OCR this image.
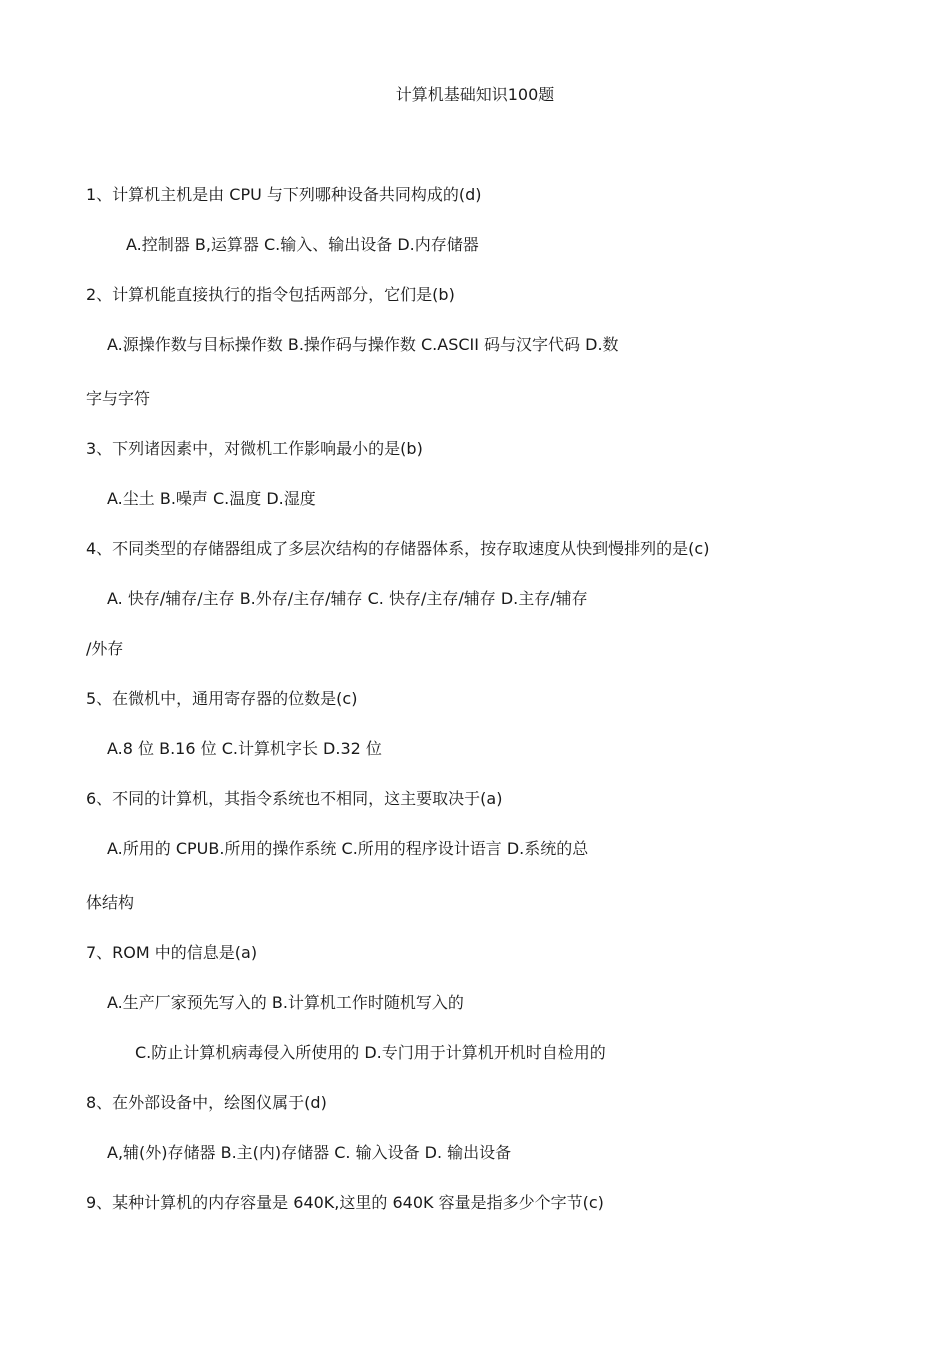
计算机基础知识100题
1、计算机主机是由 CPU 与下列哪种设备共同构成的(d)
A.控制器 B,运算器 C.输入、输出设备 D.内存储器
2、计算机能直接执行的指令包括两部分，它们是(b)
A.源操作数与目标操作数 B.操作码与操作数 C.ASCII 码与汉字代码 D.数
字与字符
3、下列诸因素中，对微机工作影响最小的是(b)
A.尘土 B.噪声 C.温度 D.湿度
4、不同类型的存储器组成了多层次结构的存储器体系，按存取速度从快到慢排列的是(c)
A. 快存/辅存/主存 B.外存/主存/辅存 C. 快存/主存/辅存 D.主存/辅存
/外存
5、在微机中，通用寄存器的位数是(c)
A.8 位 B.16 位 C.计算机字长 D.32 位
6、不同的计算机，其指令系统也不相同，这主要取决于(a)
A.所用的 CPUB.所用的操作系统 C.所用的程序设计语言 D.系统的总
体结构
7、ROM 中的信息是(a)
A.生产厂家预先写入的 B.计算机工作时随机写入的
C.防止计算机病毒侵入所使用的 D.专门用于计算机开机时自检用的
8、在外部设备中，绘图仪属于(d)
A,辅(外)存储器 B.主(内)存储器 C. 输入设备 D. 输出设备
9、某种计算机的内存容量是 640K,这里的 640K 容量是指多少个字节(c)
